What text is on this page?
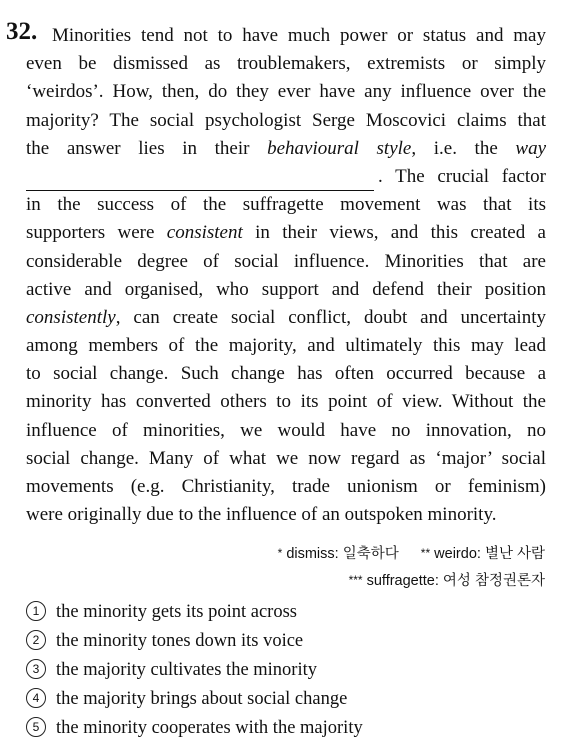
32. Minorities tend not to have much power or status and may
even be dismissed as troublemakers, extremists or simply
‘weirdos’. How, then, do they ever have any influence over the
majority? The social psychologist Serge Moscovici claims that
the answer lies in their behavioural style, i.e. the way
. The crucial factor
in the success of the suffragette movement was that its
supporters were consistent in their views, and this created a
considerable degree of social influence. Minorities that are
active and organised, who support and defend their position
consistently, can create social conflict, doubt and uncertainty
among members of the majority, and ultimately this may lead
to social change. Such change has often occurred because a
minority has converted others to its point of view. Without the
influence of minorities, we would have no innovation, no
social change. Many of what we now regard as ‘major’ social
movements (e.g. Christianity, trade unionism or feminism)
were originally due to the influence of an outspoken minority.
* dismiss: 일축하다 ** weirdo: 별난 사람
*** suffragette: 여성 참정권론자
1 the minority gets its point across
2 the minority tones down its voice
3 the majority cultivates the minority
4 the majority brings about social change
5 the minority cooperates with the majority
